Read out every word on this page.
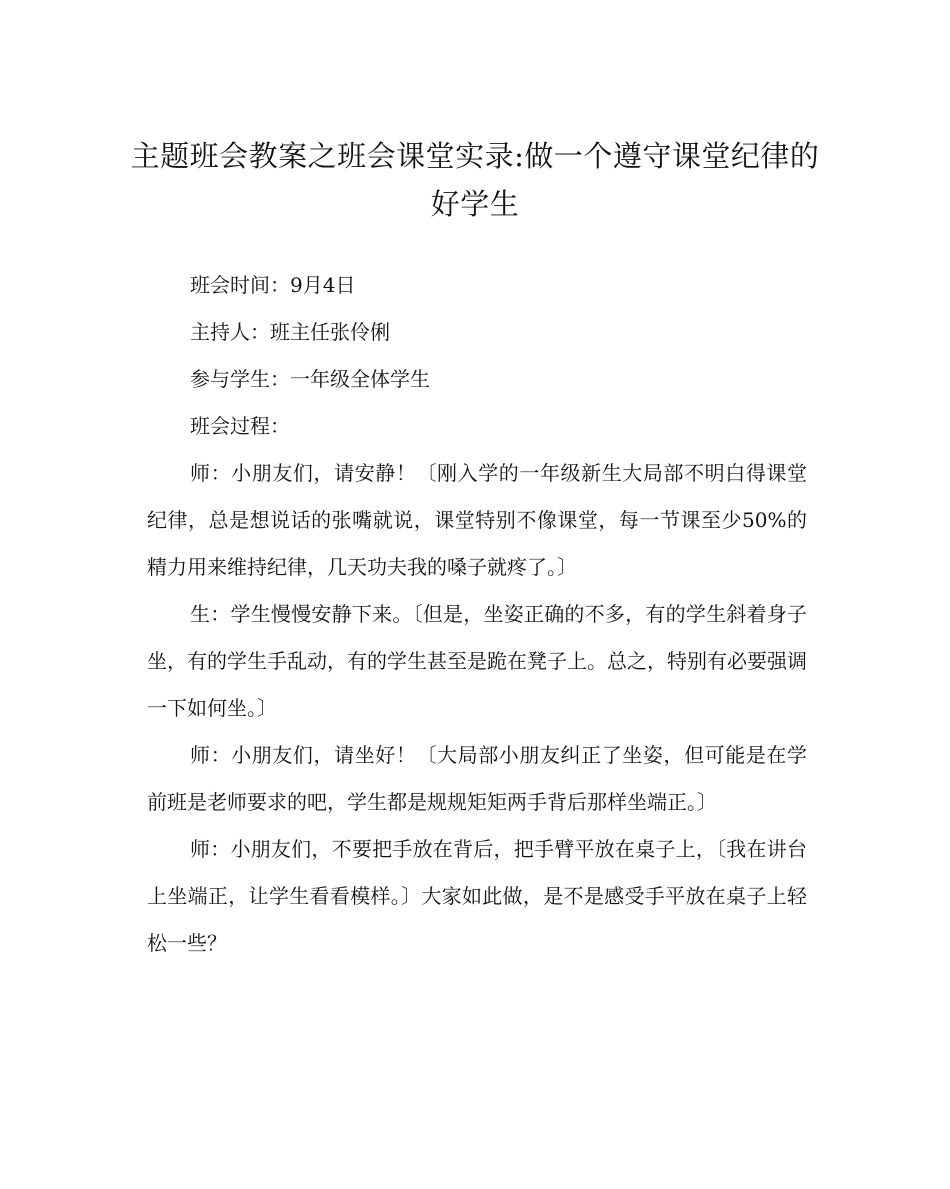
主题班会教案之班会课堂实录:做一个遵守课堂纪律的好学生

班会时间：9月4日

主持人：班主任张伶俐

参与学生：一年级全体学生

班会过程：

师：小朋友们，请安静！〔刚入学的一年级新生大局部不明白得课堂纪律，总是想说话的张嘴就说，课堂特别不像课堂，每一节课至少50%的精力用来维持纪律，几天功夫我的嗓子就疼了。〕

生：学生慢慢安静下来。〔但是，坐姿正确的不多，有的学生斜着身子坐，有的学生手乱动，有的学生甚至是跪在凳子上。总之，特别有必要强调一下如何坐。〕

师：小朋友们，请坐好！〔大局部小朋友纠正了坐姿，但可能是在学前班是老师要求的吧，学生都是规规矩矩两手背后那样坐端正。〕

师：小朋友们，不要把手放在背后，把手臂平放在桌子上，〔我在讲台上坐端正，让学生看看模样。〕大家如此做，是不是感受手平放在桌子上轻松一些？
